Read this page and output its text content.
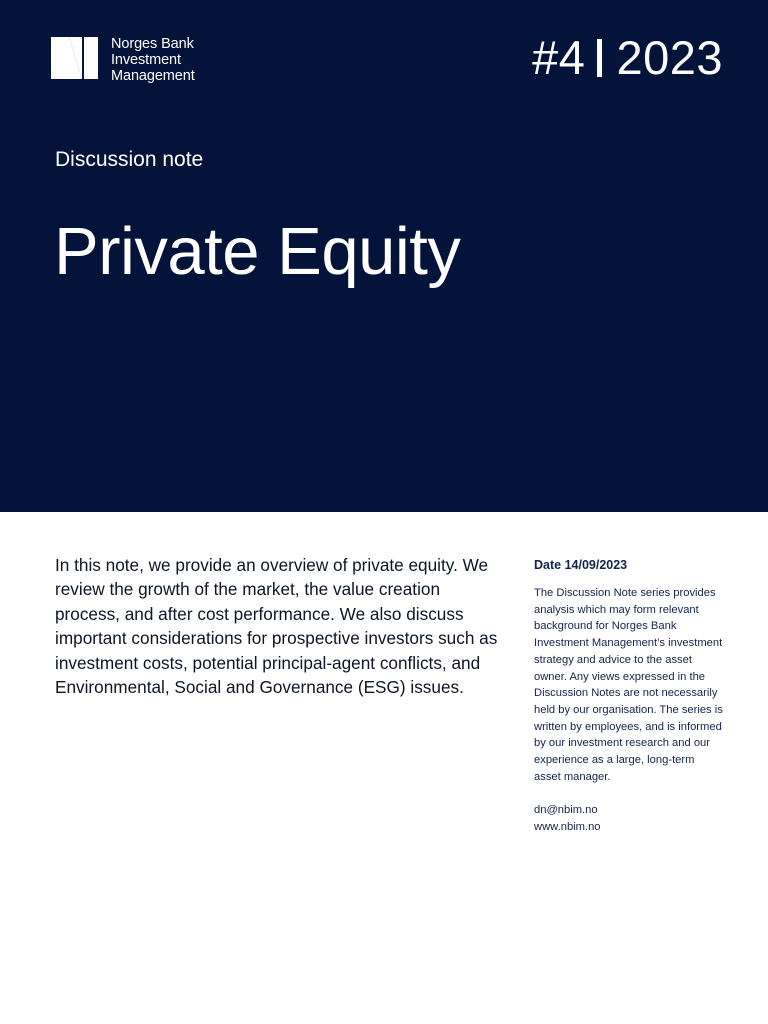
Norges Bank
Investment
Management	#4 2023
Discussion note
Private Equity

In this note, we provide an overview of private equity. We review the growth of the market, the value creation process, and after cost performance. We also discuss important considerations for prospective investors such as investment costs, potential principal-agent conflicts, and Environmental, Social and Governance (ESG) issues.

Date 14/09/2023

The Discussion Note series provides analysis which may form relevant background for Norges Bank Investment Management’s investment strategy and advice to the asset owner. Any views expressed in the Discussion Notes are not necessarily held by our organisation. The series is written by employees, and is informed by our investment research and our experience as a large, long-term asset manager.

dn@nbim.no
www.nbim.no
